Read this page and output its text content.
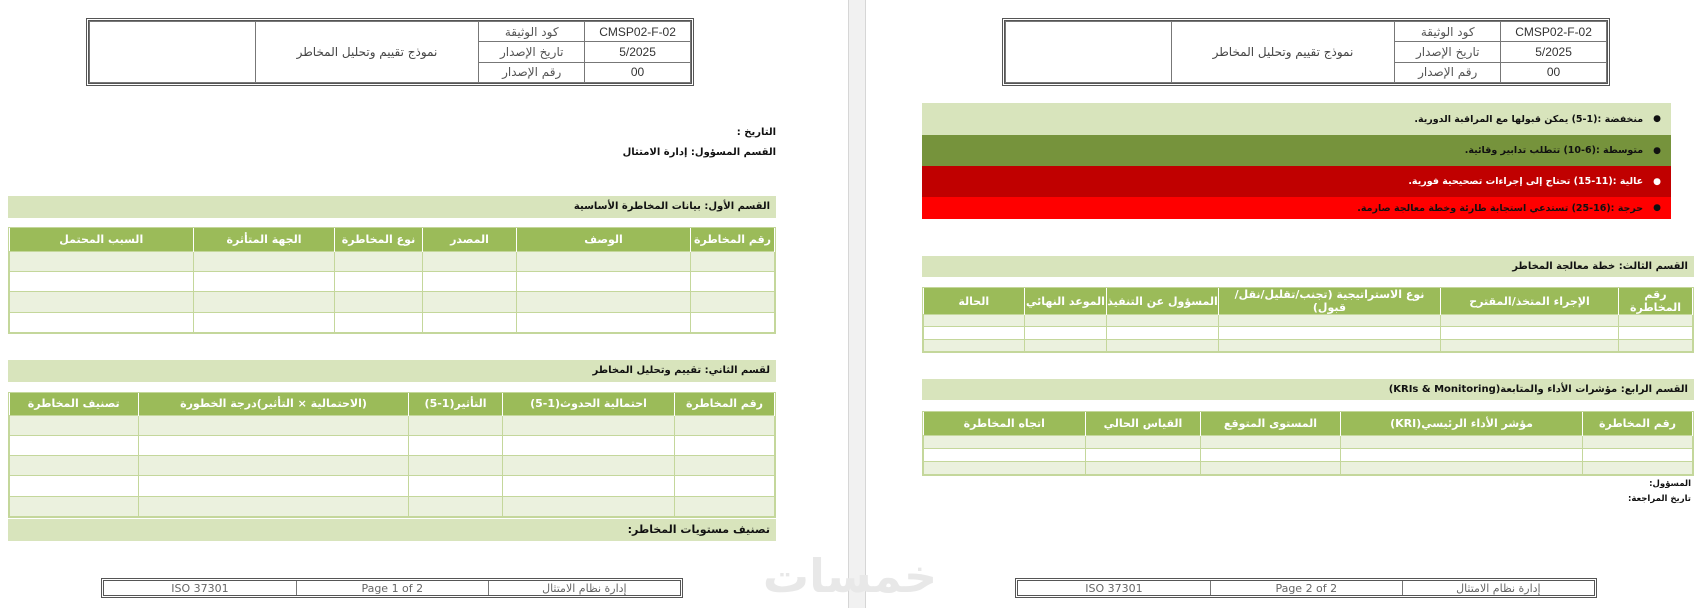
CMSP02-F-02	كود الوثيقة	نموذج تقييم وتحليل المخاطر	
5/2025	تاريخ الإصدار		
00	رقم الإصدار		
التاريخ :
القسم المسؤول: إدارة الامتثال
القسم الأول: بيانات المخاطرة الأساسية
رقم المخاطرة	الوصف	المصدر	نوع المخاطرة	الجهة المتأثرة	السبب المحتمل

لقسم الثاني: تقييم وتحليل المخاطر
رقم المخاطرة	احتمالية الحدوث(1-5)	التأثير(1-5)	(الاحتمالية × التأثير)درجة الخطورة	تصنيف المخاطرة

تصنيف مستويات المخاطر:
إدارة نظام الامتثال	Page 1 of 2	ISO 37301
CMSP02-F-02	كود الوثيقة	نموذج تقييم وتحليل المخاطر	
5/2025	تاريخ الإصدار		
00	رقم الإصدار		
●
منخفضة :(1-5) يمكن قبولها مع المراقبة الدورية.
●
متوسطة :(6-10) تتطلب تدابير وقائية.
●
عالية :(11-15) تحتاج إلى إجراءات تصحيحية فورية.
●
حرجة :(16-25) تستدعي استجابة طارئة وخطة معالجة صارمة.
القسم الثالث: خطة معالجة المخاطر
رقم المخاطرة	الإجراء المتخذ/المقترح	نوع الاستراتيجية (تجنب/تقليل/نقل/قبول)	المسؤول عن التنفيذ	الموعد النهائي	الحالة

القسم الرابع: مؤشرات الأداء والمتابعة(KRIs & Monitoring)
رقم المخاطرة	مؤشر الأداء الرئيسي(KRI)	المستوى المتوقع	القياس الحالي	اتجاه المخاطرة

المسؤول:
تاريخ المراجعة:
إدارة نظام الامتثال	Page 2 of 2	ISO 37301
خمسات
